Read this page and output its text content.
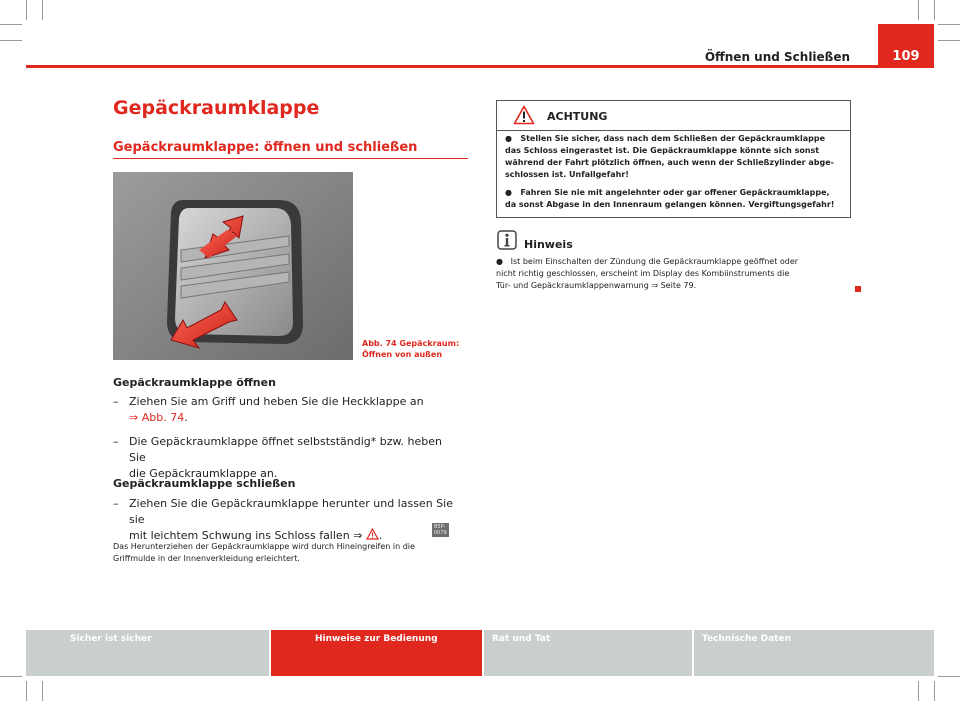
Öffnen und Schließen	109
Gepäckraumklappe
Gepäckraumklappe: öffnen und schließen
B5P-0079
Abb. 74 Gepäckraum:
Öffnen von außen
Gepäckraumklappe öffnen
– Ziehen Sie am Griff und heben Sie die Heckklappe an
⇒ Abb. 74.
– Die Gepäckraumklappe öffnet selbstständig* bzw. heben Sie
die Gepäckraumklappe an.
Gepäckraumklappe schließen
– Ziehen Sie die Gepäckraumklappe herunter und lassen Sie sie
mit leichtem Schwung ins Schloss fallen ⇒ .
Das Herunterziehen der Gepäckraumklappe wird durch Hineingreifen in die
Griffmulde in der Innenverkleidung erleichtert.
ACHTUNG
● Stellen Sie sicher, dass nach dem Schließen der Gepäckraumklappe
das Schloss eingerastet ist. Die Gepäckraumklappe könnte sich sonst
während der Fahrt plötzlich öffnen, auch wenn der Schließzylinder abge-
schlossen ist. Unfallgefahr!
● Fahren Sie nie mit angelehnter oder gar offener Gepäckraumklappe,
da sonst Abgase in den Innenraum gelangen können. Vergiftungsgefahr!
Hinweis
● Ist beim Einschalten der Zündung die Gepäckraumklappe geöffnet oder
nicht richtig geschlossen, erscheint im Display des Kombiinstruments die
Tür- und Gepäckraumklappenwarnung ⇒ Seite 79.
Sicher ist sicher	Hinweise zur Bedienung	Rat und Tat	Technische Daten
